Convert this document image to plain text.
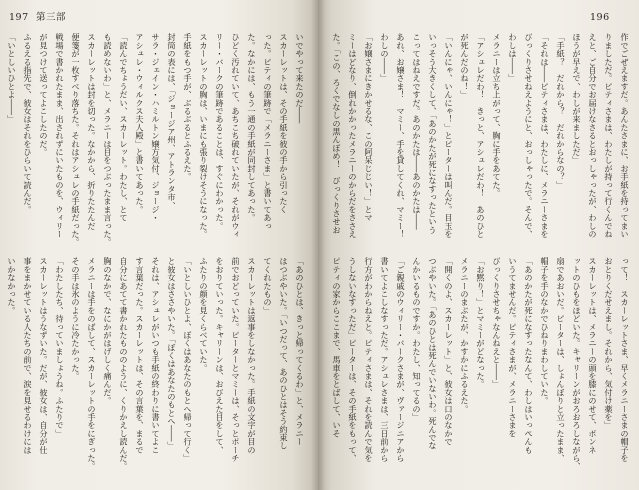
197 第三部
いでやって来たのだ――
スカーレットは、その手紙を彼の手から引ったく
った。ピティの筆跡で「メラニーさま」と書いてあっ
た。なかには、もう一通の手紙が同封してあった。
ひどく汚れていて、あちこち破れていたが、それがウィ
リー・バークの筆跡であることは、すぐにわかった。
スカーレットの胸は、いまにも張り裂けそうになった。
手紙をもつ手が、ぶるぶるとふるえた。
封筒の表には、「ジョージア州、アトランタ市、
サラ・ジェイン・ハミルトン嬢方気付、ジョージ・
アシュレ・ウィルクス夫人殿」と書いてあった。
「読んでちょうだい、スカーレット。わたし、とて
も読めないわ」と、メラニーは目をつぶったまま言った。
スカーレットは封を切った。なかから、折りたたんだ
便箋が一枚すべり落ちた。それはアシュレの手紙だった。
戦場で書かれたまま、出されずにいたものを、ウィリー
が見つけて送ってよこしたのだ。
ふるえる指先で、彼女はそれをひらいて読んだ。
「いとしいひとよ――」
「あのひとは、きっと帰ってくるわ」と、メラニー
はつぶやいた。「いつだって、あのひとはそう約束し
てくれたもの」
スカーレットは返事をしなかった。手紙の文字が目の
前でおどっていた。ピーターとマミーは、そっとポーチ
をおりていった。キャリーンは、おびえた目をして、
ふたりの顔を見くらべていた。
「いとしいひとよ、ぼくはあなたのもとへ帰って行く」
と彼女はささやいた。「ぼくはあなたのもとへ――」
それは、アシュレがいつも手紙の終わりに書いてよこ
す言葉だった。スカーレットは、その言葉を、まるで
自分にあてて書かれたもののように、くりかえし読んだ。
胸のなかで、なにかがはげしく痛んだ。
メラニーは手をのばして、スカーレットの手をにぎった。
その手は氷のように冷たかった。
「わたしたち、待っていましょうね。ふたりで」
スカーレットはうなずいた。だが、彼女は、自分が仕
事をまかせている人たちの前で、涙を見せるわけには
いかなかった。
196
作でごぜえますだ。あんたさまに、お手紙を持ってまい
りましただ。ピティさまは、わたしが持って行くんでね
えと、ご自分でお届けなさるとおっしゃったが、わしの
ほうが早えで、わしが来ましただ」
「手紙？　だれから？　だれからなの？」
「それは――ピティさまは、わたしに、メラニーさまを
びっくりさせねえようにと、おっしゃったで。そんで、
わしは――」
メラニーは立ち上がって、胸に手をあてた。
「アシュレだわ！　きっと、アシュレだわ！　あのひと
が死んだのね！」
「いんにゃ、いんにゃ！」とピーターは叫んだ。目玉を
いっそう大きくして、「あのかたが死になすったという
こってはねえですだ。あのかたは――あのかたは――
あれ、お嬢さま！　マミー、手を貸してくれ、マミー！
わしの――」
「お嬢さまにきかせるな、この阿呆じじい！」とマ
ミーはどなり、倒れかかったメラニーのからだをささえ
た。「この、ろくでなしの黒んぼめ！　びっくりさせお
って！　スカーレットさま、早くメラニーさまの帽子を
おとりくだせえまし。それから、気付け薬を」
スカーレットは、メラニーの頭を膝にのせて、ボンネ
ットのひもをほどいた。キャリーンがおろおろしながら、
扇であおいだ。ピーターは、しょんぼりと立ったまま、
帽子を手のなかでひねりまわしていた。
「あのかたが死になすったなんて、わしはいっぺんも
いうてませんだ。ピティさまが、メラニーさまを
びっくりさせちゃなんねえと――」
「お黙り！」とマミーがどなった。
メラニーのまぶたが、かすかにふるえた。
「開くのよ、スカーレット」と、彼女は口のなかで
つぶやいた。「あのひとは死んでいないわ。死んでな
んかいるものですか。わたし、知ってるの」
「ご親戚のウィリー・バークさまが、ヴァージニアから
書いてよこしなすっただ。アシュレさまは、三日前から
行方がわからねえと。ピティさまは、それを読んで気を
うしないなすっただ」ピーターは、その手紙をもって、
ピティの家からここまで、馬車をとばして、いそ
